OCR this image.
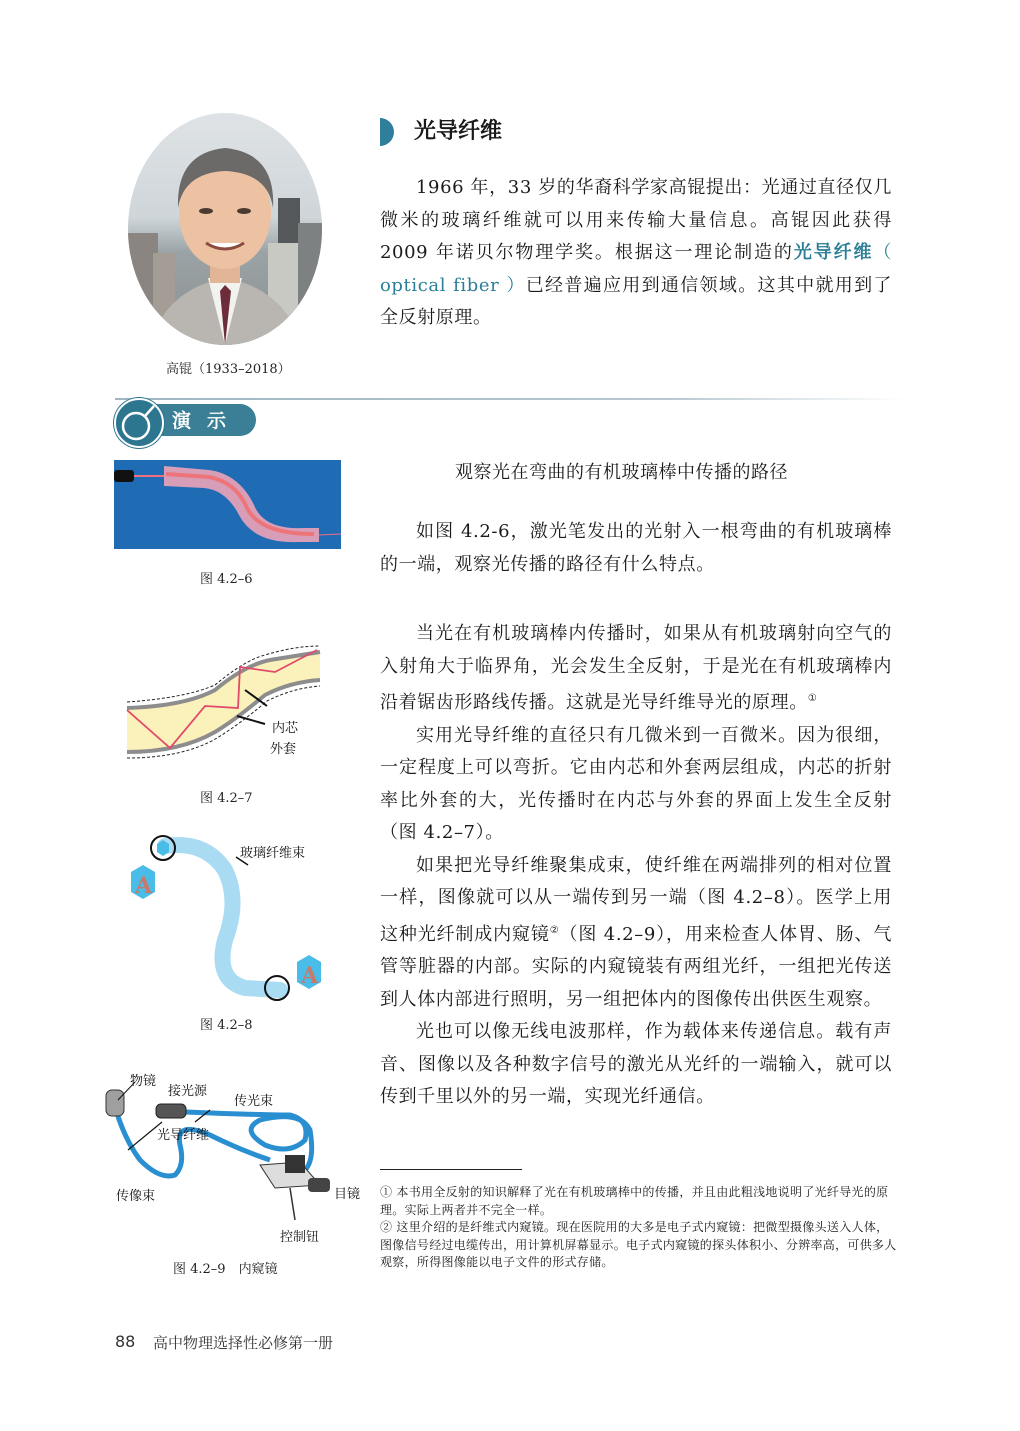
高锟（1933–2018）
光导纤维

1966 年，33 岁的华裔科学家高锟提出：光通过直径仅几微米的玻璃纤维就可以用来传输大量信息。高锟因此获得 2009 年诺贝尔物理学奖。根据这一理论制造的光导纤维（ optical fiber ）已经普遍应用到通信领域。这其中就用到了全反射原理。

演示
图 4.2–6
观察光在弯曲的有机玻璃棒中传播的路径

如图 4.2-6，激光笔发出的光射入一根弯曲的有机玻璃棒的一端，观察光传播的路径有什么特点。

当光在有机玻璃棒内传播时，如果从有机玻璃射向空气的入射角大于临界角，光会发生全反射，于是光在有机玻璃棒内沿着锯齿形路线传播。这就是光导纤维导光的原理。①

实用光导纤维的直径只有几微米到一百微米。因为很细，一定程度上可以弯折。它由内芯和外套两层组成，内芯的折射率比外套的大，光传播时在内芯与外套的界面上发生全反射（图 4.2–7）。

如果把光导纤维聚集成束，使纤维在两端排列的相对位置一样，图像就可以从一端传到另一端（图 4.2–8）。医学上用这种光纤制成内窥镜②（图 4.2–9），用来检查人体胃、肠、气管等脏器的内部。实际的内窥镜装有两组光纤，一组把光传送到人体内部进行照明，另一组把体内的图像传出供医生观察。

光也可以像无线电波那样，作为载体来传递信息。载有声音、图像以及各种数字信号的激光从光纤的一端输入，就可以传到千里以外的另一端，实现光纤通信。

内芯
外套
图 4.2–7
A
A
玻璃纤维束
图 4.2–8
物镜
接光源
传光束
光导纤维
传像束	目镜
控制钮
图 4.2–9　内窥镜
① 本书用全反射的知识解释了光在有机玻璃棒中的传播，并且由此粗浅地说明了光纤导光的原理。实际上两者并不完全一样。
② 这里介绍的是纤维式内窥镜。现在医院用的大多是电子式内窥镜：把微型摄像头送入人体，图像信号经过电缆传出，用计算机屏幕显示。电子式内窥镜的探头体积小、分辨率高，可供多人观察，所得图像能以电子文件的形式存储。
88 高中物理选择性必修第一册
